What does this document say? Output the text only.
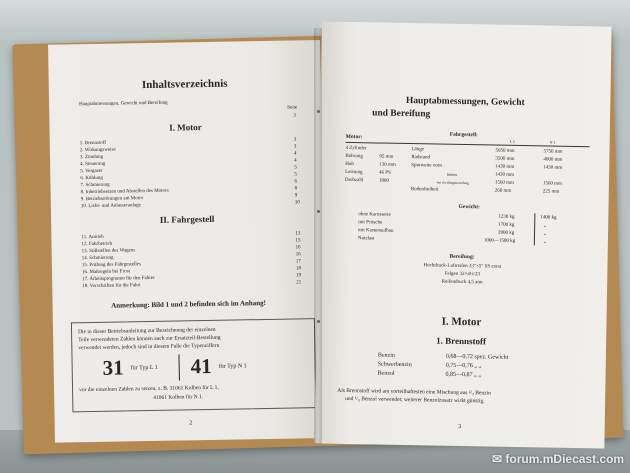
Inhaltsverzeichnis
Hauptabmessungen, Gewicht und Bereifung
Seite
3
I. Motor
1. Brennstoff
3
2. Wirkungsweise
3
3. Zündung
4
4. Steuerung
4
5. Vergaser
5
6. Kühlung
5
7. Schmierung
6
8. Inbetriebsetzen und Abstellen des Motors	8
9. Betriebsstörungen am Motor
9
10. Licht- und Anlasseranlage
10
II. Fahrgestell
11. Antrieb
13
12. Fahrbetrieb
15
13. Stillstellen des Wagens
16
14. Schmierung
16
15. Prüfung des Fahrgestelles
17
16. Maßregeln bei Frost
18
17. Arbeitsprogramm für den Fahrer
19
18. Vorschriften für die Fahrt
21
Anmerkung: Bild 1 und 2 befinden sich im Anhang!
Die in dieser Betriebsanleitung zur Bezeichnung der einzelnen
Teile verwendeten Zahlen können auch zur Ersatzteil-Bestellung
verwendet werden, jedoch sind in diesem Falle die Typenziffern
31 für Typ L 1 41 für Typ N 1
vor die einzelnen Zahlen zu setzen, z. B. 31061 Kolben für L 1,
41061 Kolben für N 1.
2
Hauptabmessungen, Gewicht
und Bereifung
Motor:	Fahrgestell:
L 1	N 1
4 Zylinder
Bohrung	95 mm
Hub	130 mm
Leistung	46 PS
Drehzahl	1800
Länge	5050 mm	5750 mm
Radstand	3500 mm	4000 mm
Spurweite vorn	1430 mm	1430 mm
hinten	1430 mm
bei Zwillingsbereifung	1560 mm	1560 mm
Bodenfreiheit	260 mm	225 mm
Gewicht:
ohne Karosserie	1230 kg	1400 kg
mit Pritsche	1700 kg	„
mit Kastenaufbau	2000 kg	„
Nutzlast	1000—1500 kg	„
Bereifung:
Hochdruck-Luftreifen 33"×5" SS extra
Felgen 32×4½/23
Reifendruck 4,5 atm
I. Motor
1. Brennstoff
Benzin	0,68—0,72 spez. Gewicht
Schwerbenzin	0,75—0,76 „ „
Benzol	0,85—0,87 „ „
Als Brennstoff wird am vorteilhaftesten eine Mischung aus ²/₃ Benzin
und ¹/₃ Benzol verwendet; weiterer Benzolzusatz wirkt günstig.
3
✉ forum.mDiecast.com
